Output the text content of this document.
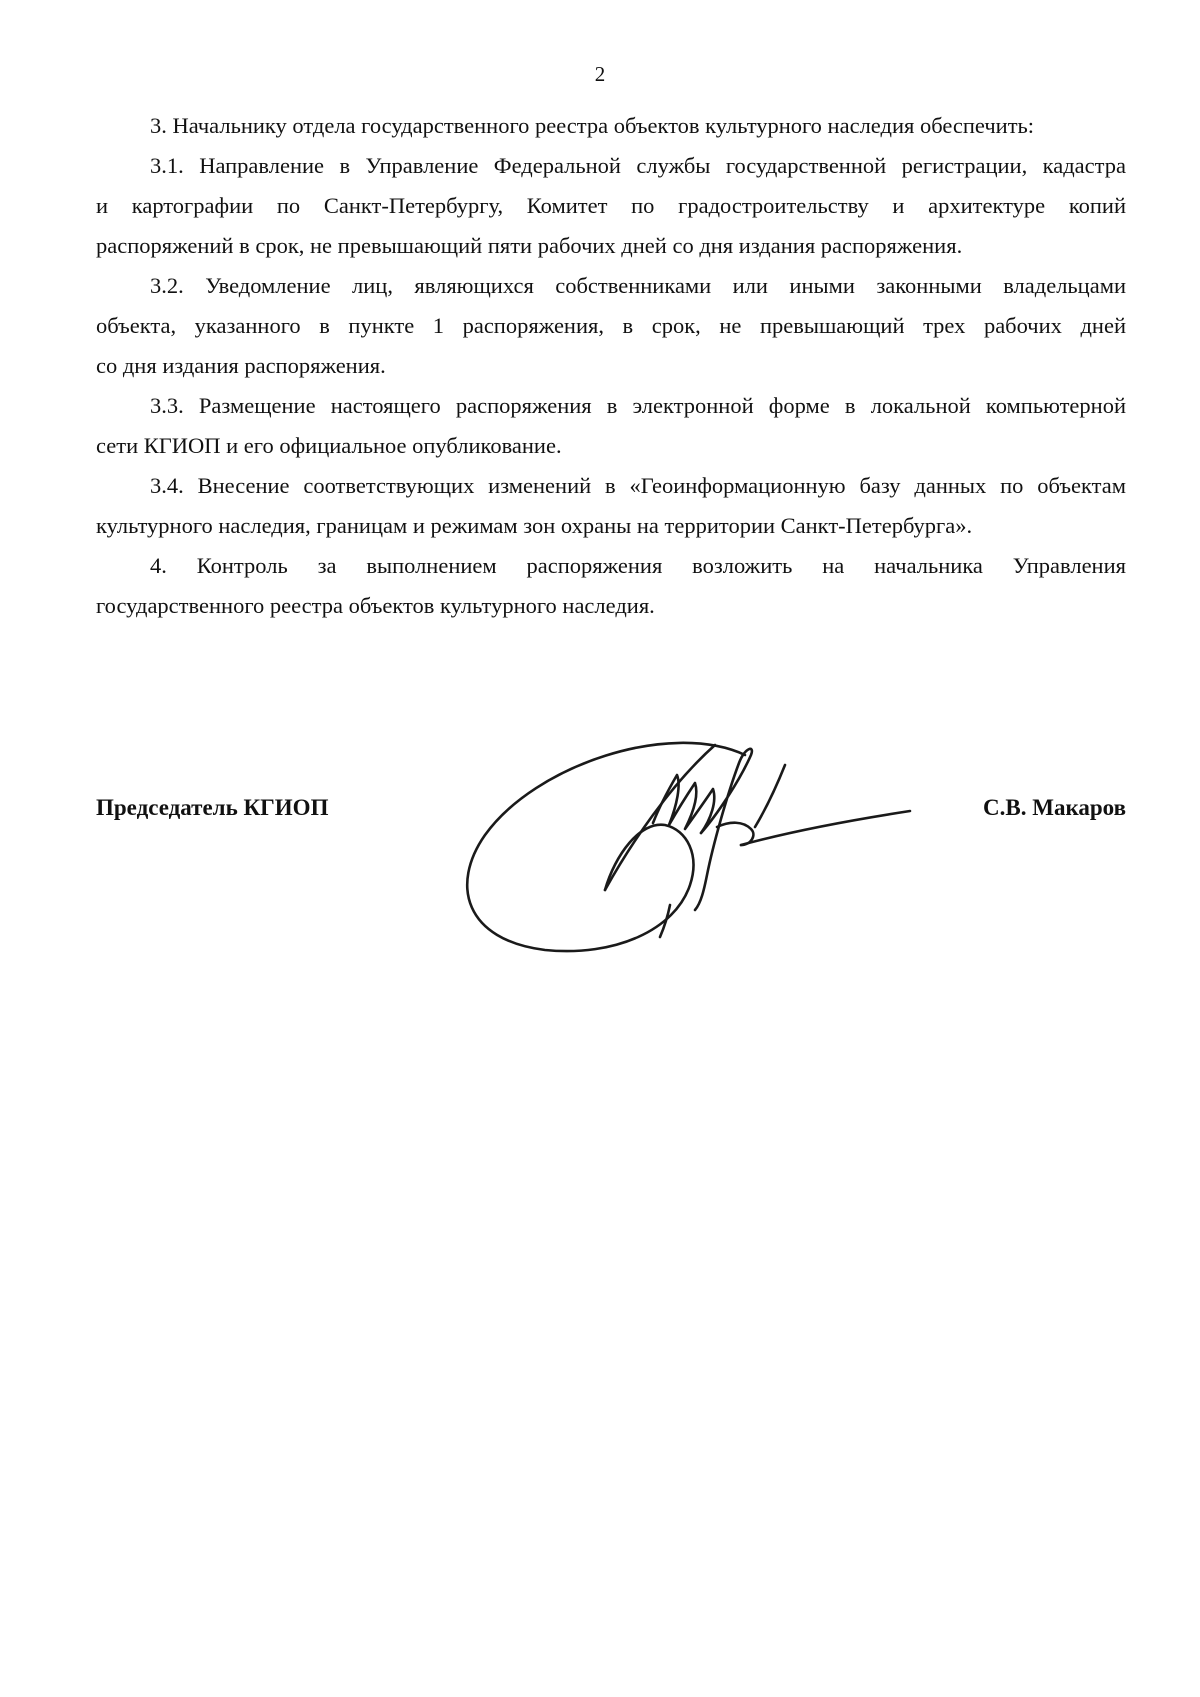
2
3. Начальнику отдела государственного реестра объектов культурного наследия обеспечить:
3.1. Направление в Управление Федеральной службы государственной регистрации, кадастра
и картографии по Санкт-Петербургу, Комитет по градостроительству и архитектуре копий
распоряжений в срок, не превышающий пяти рабочих дней со дня издания распоряжения.
3.2. Уведомление лиц, являющихся собственниками или иными законными владельцами
объекта, указанного в пункте 1 распоряжения, в срок, не превышающий трех рабочих дней
со дня издания распоряжения.
3.3. Размещение настоящего распоряжения в электронной форме в локальной компьютерной
сети КГИОП и его официальное опубликование.
3.4. Внесение соответствующих изменений в «Геоинформационную базу данных по объектам
культурного наследия, границам и режимам зон охраны на территории Санкт-Петербурга».
4. Контроль за выполнением распоряжения возложить на начальника Управления
государственного реестра объектов культурного наследия.
Председатель КГИОП	С.В. Макаров
